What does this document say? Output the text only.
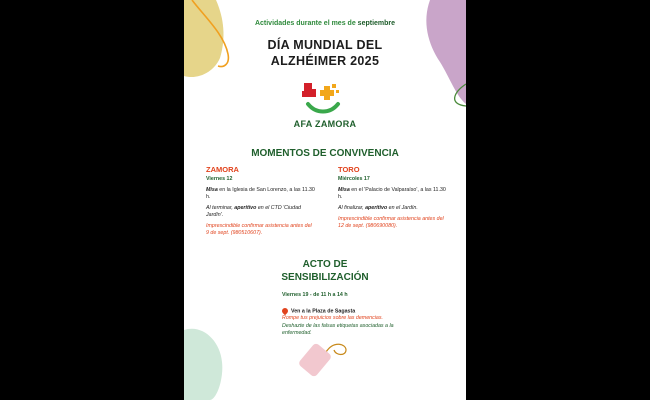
Actividades durante el mes de septiembre
DÍA MUNDIAL DEL
ALZHÉIMER 2025
AFA ZAMORA
MOMENTOS DE CONVIVENCIA
ZAMORA
Viernes 12
Misa en la Iglesia de San Lorenzo, a las 11.30 h.
Al terminar, aperitivo en el CTD 'Ciudad Jardín'.
Imprescindible confirmar asistencia antes del 9 de sept. (980510607).
TORO
Miércoles 17
Misa en el 'Palacio de Valparaíso', a las 11.30 h.
Al finalizar, aperitivo en el Jardín.
Imprescindible confirmar asistencia antes del 12 de sept. (980690080).
ACTO DE
SENSIBILIZACIÓN
Viernes 19 - de 11 h a 14 h
Ven a la Plaza de Sagasta
Rompe tus prejuicios sobre las demencias.
Deshazte de las falsas etiquetas asociadas a la enfermedad.
